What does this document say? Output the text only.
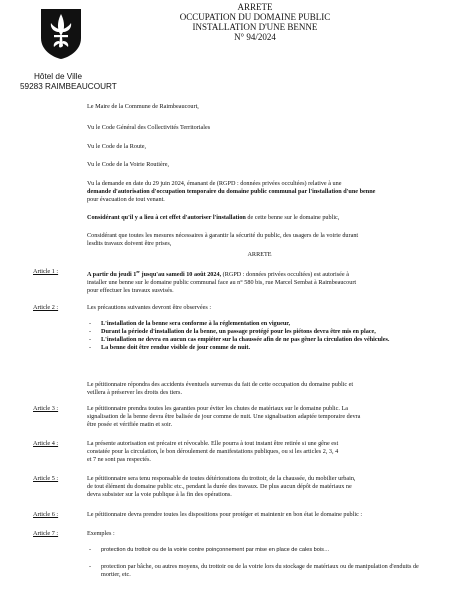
ARRETE
OCCUPATION DU DOMAINE PUBLIC
INSTALLATION D'UNE BENNE
N° 94/2024
Hôtel de Ville
59283 RAIMBEAUCOURT
Le Maire de la Commune de Raimbeaucourt,
Vu le Code Général des Collectivités Territoriales
Vu le Code de la Route,
Vu le Code de la Voirie Routière,
Vu la demande en date du 29 juin 2024, émanant de (RGPD : données privées occultées) relative à une
demande d'autorisation d'occupation temporaire du domaine public communal par l'installation d'une benne
pour évacuation de tout venant.
Considérant qu'il y a lieu à cet effet d'autoriser l'installation de cette benne sur le domaine public,
Considérant que toutes les mesures nécessaires à garantir la sécurité du public, des usagers de la voirie durant
lesdits travaux doivent être prises,
ARRETE
Article 1 :	A partir du jeudi 1er jusqu'au samedi 10 août 2024, (RGPD : données privées occultées) est autorisée à
installer une benne sur le domaine public communal face au n° 580 bis, rue Marcel Sembat à Raimbeaucourt
pour effectuer les travaux susvisés.
Article 2 :	Les précautions suivantes devront être observées :
- L'installation de la benne sera conforme à la réglementation en vigueur,
- Durant la période d'installation de la benne, un passage protégé pour les piétons devra être mis en place,
- L'installation ne devra en aucun cas empiéter sur la chaussée afin de ne pas gêner la circulation des véhicules.
- La benne doit être rendue visible de jour comme de nuit.
Le pétitionnaire répondra des accidents éventuels survenus du fait de cette occupation du domaine public et
veillera à préserver les droits des tiers.
Article 3 :	Le pétitionnaire prendra toutes les garanties pour éviter les chutes de matériaux sur le domaine public. La
signalisation de la benne devra être balisée de jour comme de nuit. Une signalisation adaptée temporaire devra
être posée et vérifiée matin et soir.
Article 4 :	La présente autorisation est précaire et révocable. Elle pourra à tout instant être retirée si une gêne est
constatée pour la circulation, le bon déroulement de manifestations publiques, ou si les articles 2, 3, 4
et 7 ne sont pas respectés.
Article 5 :	Le pétitionnaire sera tenu responsable de toutes détériorations du trottoir, de la chaussée, du mobilier urbain,
de tout élément du domaine public etc., pendant la durée des travaux. De plus aucun dépôt de matériaux ne
devra subsister sur la voie publique à la fin des opérations.
Article 6 :	Le pétitionnaire devra prendre toutes les dispositions pour protéger et maintenir en bon état le domaine public :
Article 7 :	Exemples :
- protection du trottoir ou de la voirie contre poinçonnement par mise en place de cales bois…
- protection par bâche, ou autres moyens, du trottoir ou de la voirie lors du stockage de matériaux ou de manipulation d'enduits de mortier, etc.
